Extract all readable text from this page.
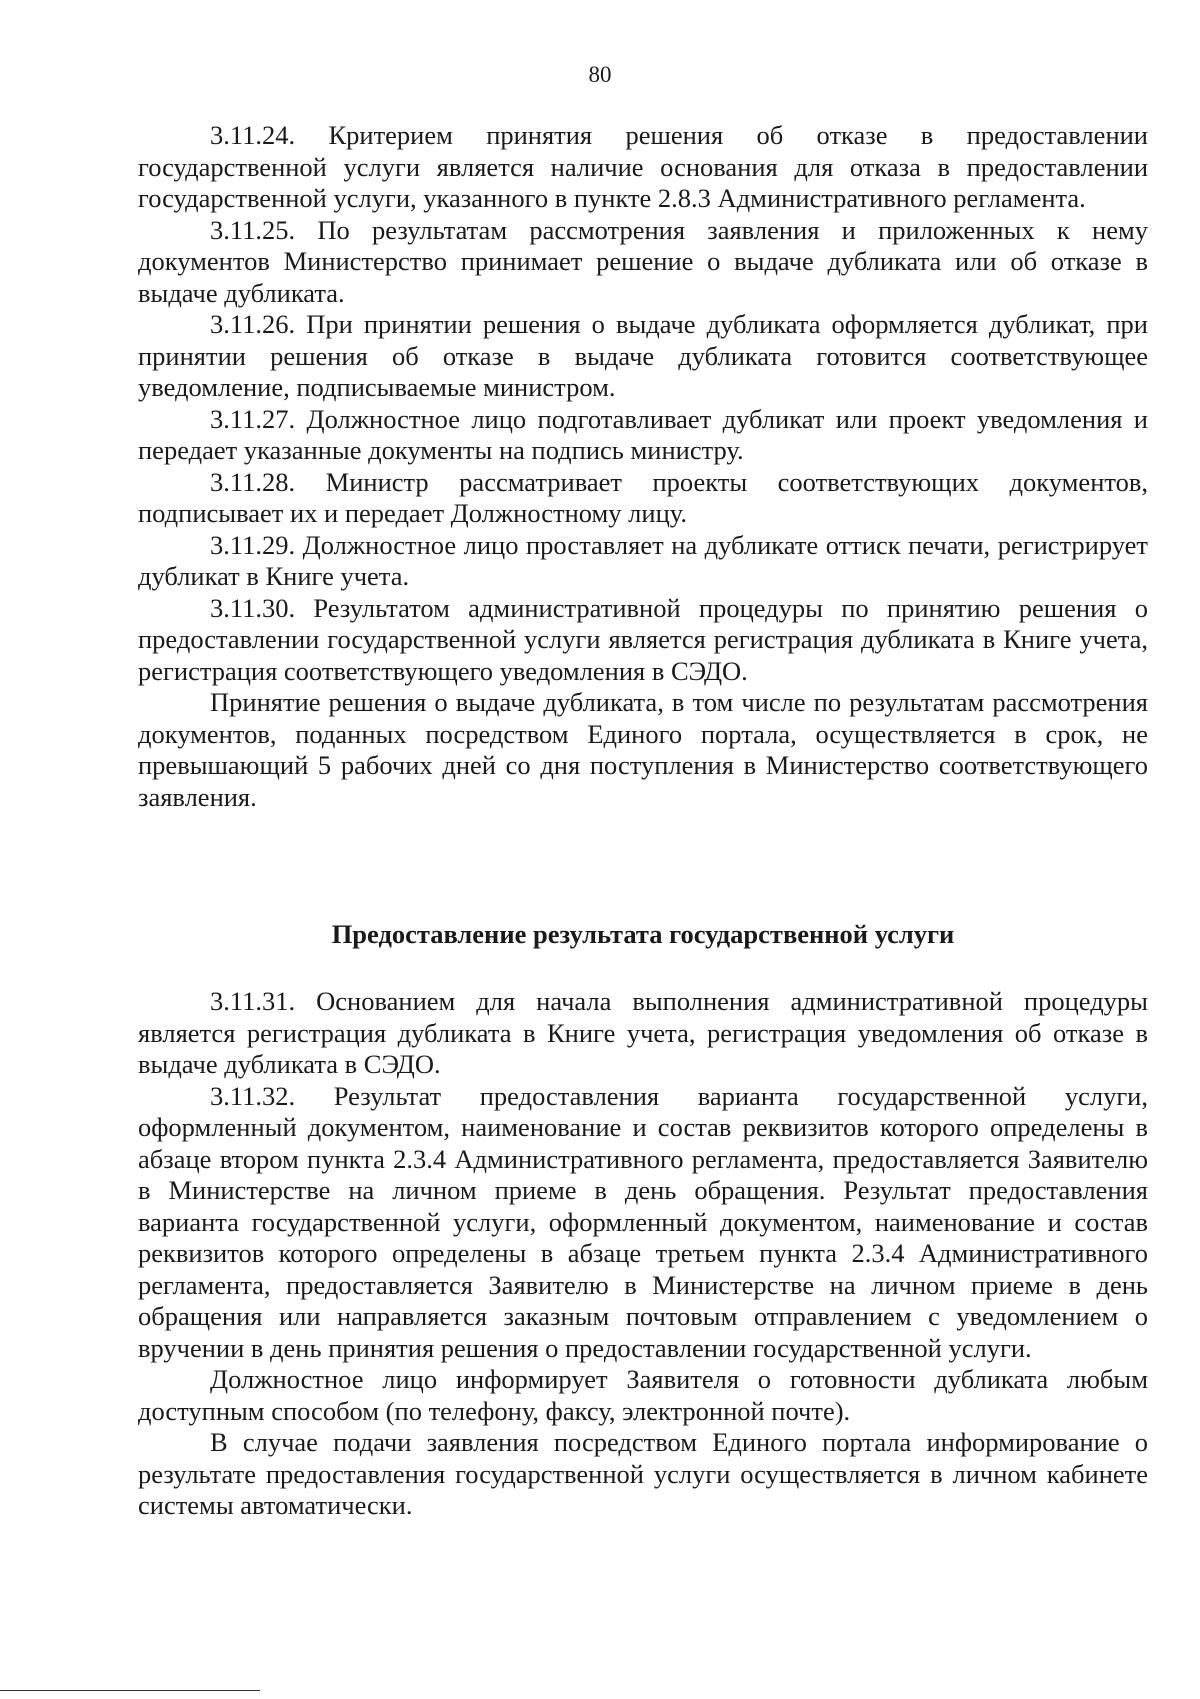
80

3.11.24. Критерием принятия решения об отказе в предоставлении государственной услуги является наличие основания для отказа в предоставлении государственной услуги, указанного в пункте 2.8.3 Административного регламента.

3.11.25. По результатам рассмотрения заявления и приложенных к нему документов Министерство принимает решение о выдаче дубликата или об отказе в выдаче дубликата.

3.11.26. При принятии решения о выдаче дубликата оформляется дубликат, при принятии решения об отказе в выдаче дубликата готовится соответствующее уведомление, подписываемые министром.

3.11.27. Должностное лицо подготавливает дубликат или проект уведомления и передает указанные документы на подпись министру.

3.11.28. Министр рассматривает проекты соответствующих документов, подписывает их и передает Должностному лицу.

3.11.29. Должностное лицо проставляет на дубликате оттиск печати, регистрирует дубликат в Книге учета.

3.11.30. Результатом административной процедуры по принятию решения о предоставлении государственной услуги является регистрация дубликата в Книге учета, регистрация соответствующего уведомления в СЭДО.

Принятие решения о выдаче дубликата, в том числе по результатам рассмотрения документов, поданных посредством Единого портала, осуществляется в срок, не превышающий 5 рабочих дней со дня поступления в Министерство соответствующего заявления.

Предоставление результата государственной услуги

3.11.31. Основанием для начала выполнения административной процедуры является регистрация дубликата в Книге учета, регистрация уведомления об отказе в выдаче дубликата в СЭДО.

3.11.32. Результат предоставления варианта государственной услуги, оформленный документом, наименование и состав реквизитов которого определены в абзаце втором пункта 2.3.4 Административного регламента, предоставляется Заявителю в Министерстве на личном приеме в день обращения. Результат предоставления варианта государственной услуги, оформленный документом, наименование и состав реквизитов которого определены в абзаце третьем пункта 2.3.4 Административного регламента, предоставляется Заявителю в Министерстве на личном приеме в день обращения или направляется заказным почтовым отправлением с уведомлением о вручении в день принятия решения о предоставлении государственной услуги.

Должностное лицо информирует Заявителя о готовности дубликата любым доступным способом (по телефону, факсу, электронной почте).

В случае подачи заявления посредством Единого портала информирование о результате предоставления государственной услуги осуществляется в личном кабинете системы автоматически.
